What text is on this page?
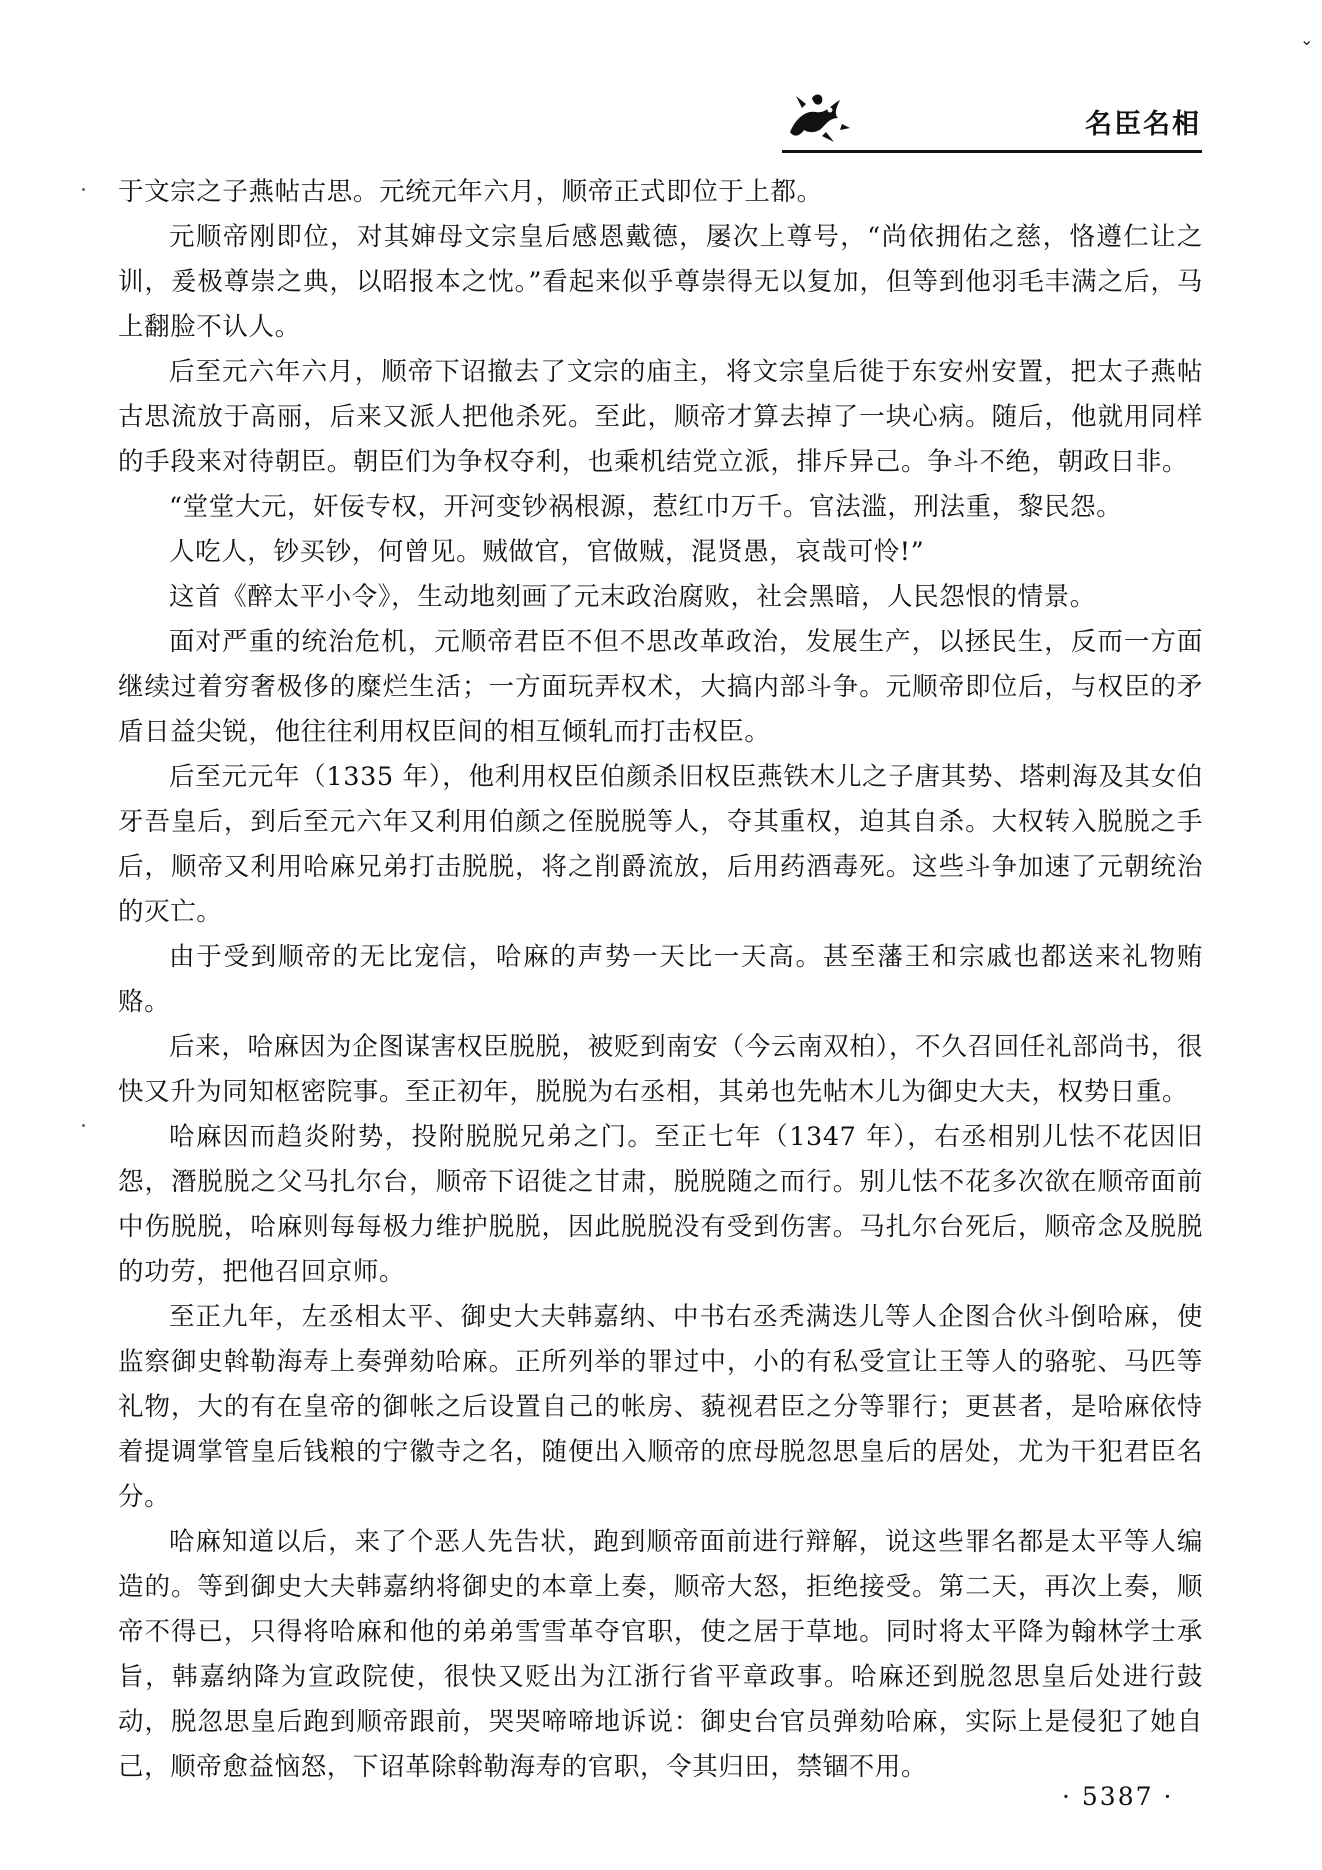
⌄
名臣名相

于文宗之子燕帖古思。元统元年六月，顺帝正式即位于上都。

元顺帝刚即位，对其婶母文宗皇后感恩戴德，屡次上尊号，“尚依拥佑之慈，恪遵仁让之训，爰极尊崇之典，以昭报本之忱。”看起来似乎尊崇得无以复加，但等到他羽毛丰满之后，马上翻脸不认人。

后至元六年六月，顺帝下诏撤去了文宗的庙主，将文宗皇后徙于东安州安置，把太子燕帖古思流放于高丽，后来又派人把他杀死。至此，顺帝才算去掉了一块心病。随后，他就用同样的手段来对待朝臣。朝臣们为争权夺利，也乘机结党立派，排斥异己。争斗不绝，朝政日非。

“堂堂大元，奸佞专权，开河变钞祸根源，惹红巾万千。官法滥，刑法重，黎民怨。

人吃人，钞买钞，何曾见。贼做官，官做贼，混贤愚，哀哉可怜!”

这首《醉太平小令》，生动地刻画了元末政治腐败，社会黑暗，人民怨恨的情景。

面对严重的统治危机，元顺帝君臣不但不思改革政治，发展生产，以拯民生，反而一方面继续过着穷奢极侈的糜烂生活；一方面玩弄权术，大搞内部斗争。元顺帝即位后，与权臣的矛盾日益尖锐，他往往利用权臣间的相互倾轧而打击权臣。

后至元元年（1335 年），他利用权臣伯颜杀旧权臣燕铁木儿之子唐其势、塔剌海及其女伯牙吾皇后，到后至元六年又利用伯颜之侄脱脱等人，夺其重权，迫其自杀。大权转入脱脱之手后，顺帝又利用哈麻兄弟打击脱脱，将之削爵流放，后用药酒毒死。这些斗争加速了元朝统治的灭亡。

由于受到顺帝的无比宠信，哈麻的声势一天比一天高。甚至藩王和宗戚也都送来礼物贿赂。

后来，哈麻因为企图谋害权臣脱脱，被贬到南安（今云南双柏），不久召回任礼部尚书，很快又升为同知枢密院事。至正初年，脱脱为右丞相，其弟也先帖木儿为御史大夫，权势日重。

哈麻因而趋炎附势，投附脱脱兄弟之门。至正七年（1347 年），右丞相别儿怯不花因旧怨，潛脱脱之父马扎尔台，顺帝下诏徙之甘肃，脱脱随之而行。别儿怯不花多次欲在顺帝面前中伤脱脱，哈麻则每每极力维护脱脱，因此脱脱没有受到伤害。马扎尔台死后，顺帝念及脱脱的功劳，把他召回京师。

至正九年，左丞相太平、御史大夫韩嘉纳、中书右丞秃满迭儿等人企图合伙斗倒哈麻，使监察御史斡勒海寿上奏弹劾哈麻。正所列举的罪过中，小的有私受宣让王等人的骆驼、马匹等礼物，大的有在皇帝的御帐之后设置自己的帐房、藐视君臣之分等罪行；更甚者，是哈麻依恃着提调掌管皇后钱粮的宁徽寺之名，随便出入顺帝的庶母脱忽思皇后的居处，尤为干犯君臣名分。

哈麻知道以后，来了个恶人先告状，跑到顺帝面前进行辩解，说这些罪名都是太平等人编造的。等到御史大夫韩嘉纳将御史的本章上奏，顺帝大怒，拒绝接受。第二天，再次上奏，顺帝不得已，只得将哈麻和他的弟弟雪雪革夺官职，使之居于草地。同时将太平降为翰林学士承旨，韩嘉纳降为宣政院使，很快又贬出为江浙行省平章政事。哈麻还到脱忽思皇后处进行鼓动，脱忽思皇后跑到顺帝跟前，哭哭啼啼地诉说：御史台官员弹劾哈麻，实际上是侵犯了她自己，顺帝愈益恼怒，下诏革除斡勒海寿的官职，令其归田，禁锢不用。

· 5387 ·
